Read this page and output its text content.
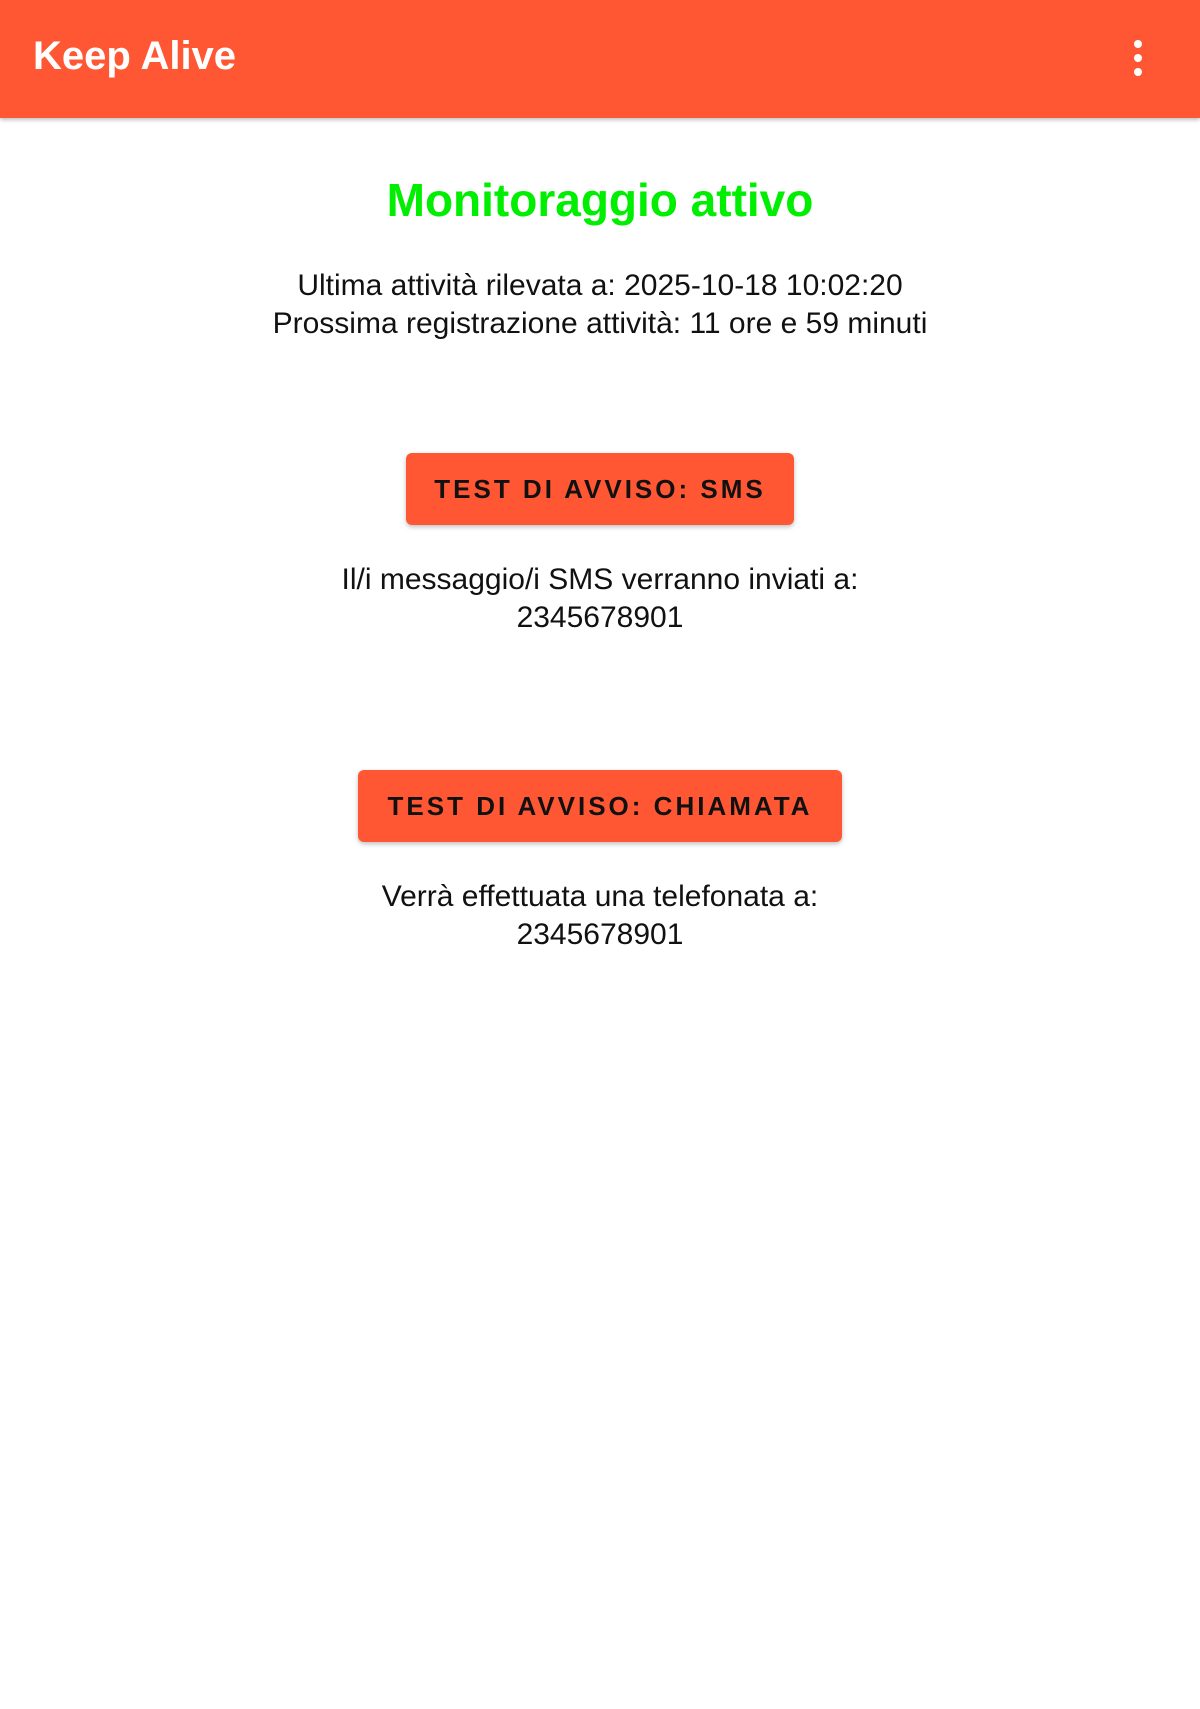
Keep Alive
Monitoraggio attivo
Ultima attività rilevata a: 2025-10-18 10:02:20
Prossima registrazione attività: 11 ore e 59 minuti
TEST DI AVVISO: SMS
Il/i messaggio/i SMS verranno inviati a:
2345678901
TEST DI AVVISO: CHIAMATA
Verrà effettuata una telefonata a:
2345678901
